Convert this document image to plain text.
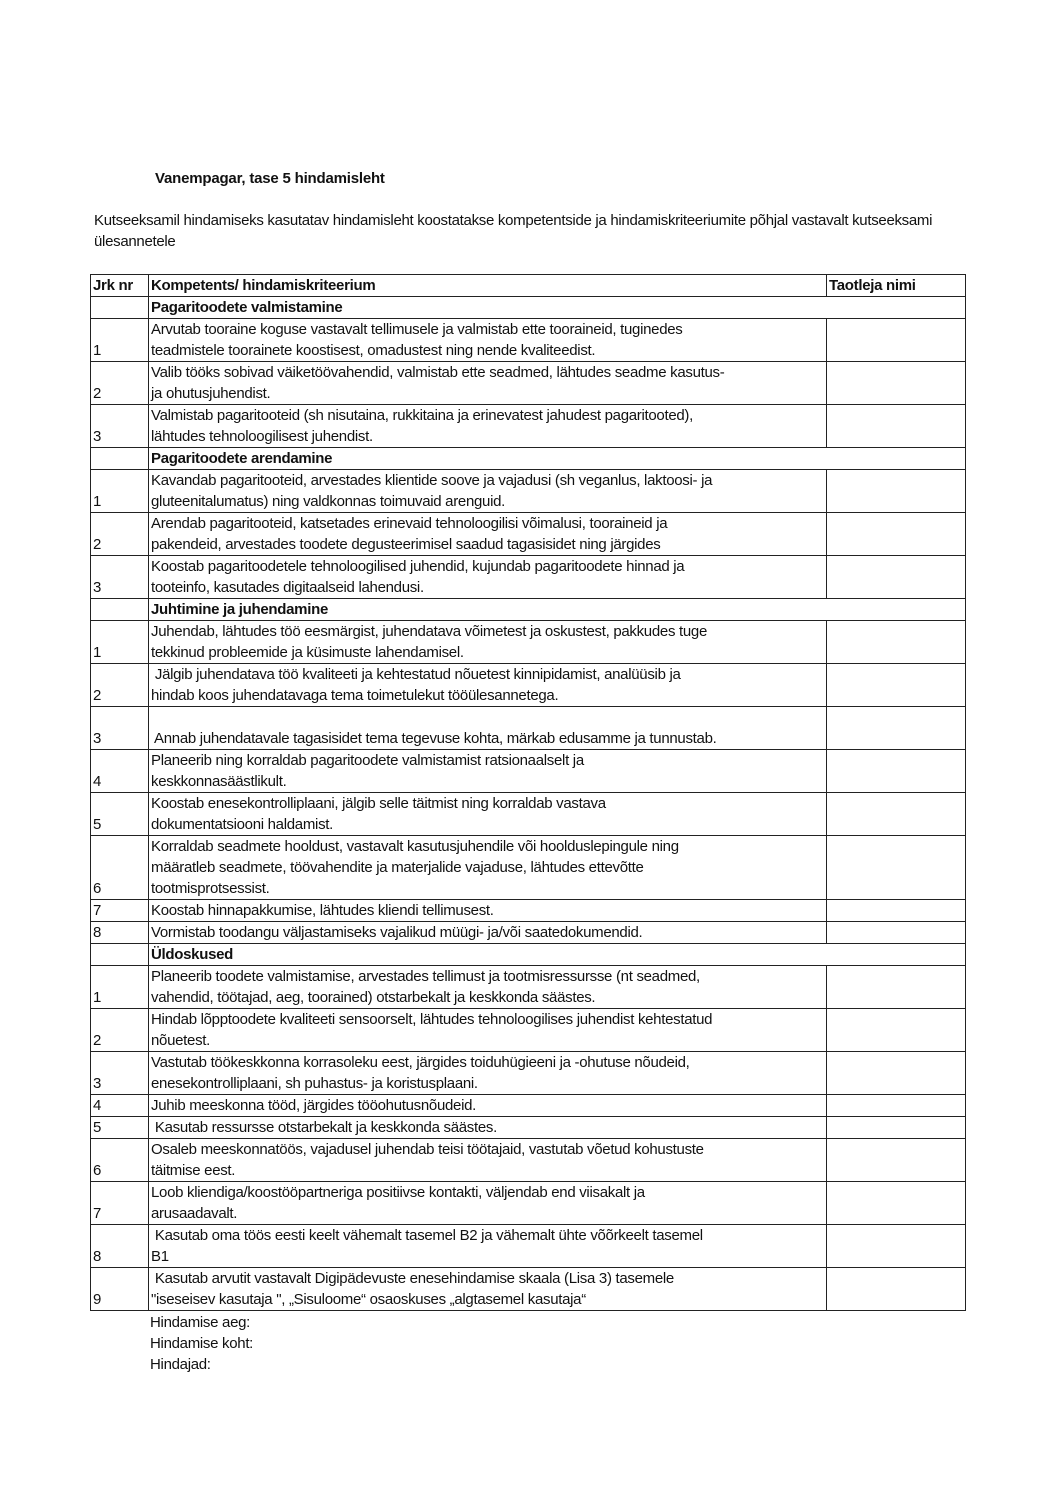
Vanempagar, tase 5 hindamisleht
Kutseeksamil hindamiseks kasutatav hindamisleht koostatakse kompetentside ja hindamiskriteeriumite põhjal vastavalt kutseeksami ülesannetele
Jrk nr	Kompetents/ hindamiskriteerium	Taotleja nimi
	Pagaritoodete valmistamine	
1	Arvutab tooraine koguse vastavalt tellimusele ja valmistab ette tooraineid, tuginedes
teadmistele toorainete koostisest, omadustest ning nende kvaliteedist.	

2	Valib tööks sobivad väiketöövahendid, valmistab ette seadmed, lähtudes seadme kasutus-
ja ohutusjuhendist.	

3	Valmistab pagaritooteid (sh nisutaina, rukkitaina ja erinevatest jahudest pagaritooted),
lähtudes tehnoloogilisest juhendist.	

	Pagaritoodete arendamine	
1	Kavandab pagaritooteid, arvestades klientide soove ja vajadusi (sh veganlus, laktoosi- ja
gluteenitalumatus) ning valdkonnas toimuvaid arenguid.	

2	Arendab pagaritooteid, katsetades erinevaid tehnoloogilisi võimalusi, tooraineid ja
pakendeid, arvestades toodete degusteerimisel saadud tagasisidet ning järgides	

3	Koostab pagaritoodetele tehnoloogilised juhendid, kujundab pagaritoodete hinnad ja
tooteinfo, kasutades digitaalseid lahendusi.	

	Juhtimine ja juhendamine	
1	Juhendab, lähtudes töö eesmärgist, juhendatava võimetest ja oskustest, pakkudes tuge
tekkinud probleemide ja küsimuste lahendamisel.	

2	Jälgib juhendatava töö kvaliteeti ja kehtestatud nõuetest kinnipidamist, analüüsib ja
hindab koos juhendatavaga tema toimetulekut tööülesannetega.	

3	Annab juhendatavale tagasisidet tema tegevuse kohta, märkab edusamme ja tunnustab.	

4	Planeerib ning korraldab pagaritoodete valmistamist ratsionaalselt ja
keskkonnasäästlikult.	

5	Koostab enesekontrolliplaani, jälgib selle täitmist ning korraldab vastava
dokumentatsiooni haldamist.	

6	Korraldab seadmete hooldust, vastavalt kasutusjuhendile või hoolduslepingule ning
määratleb seadmete, töövahendite ja materjalide vajaduse, lähtudes ettevõtte
tootmisprotsessist.	

7	Koostab hinnapakkumise, lähtudes kliendi tellimusest.	

8	Vormistab toodangu väljastamiseks vajalikud müügi- ja/või saatedokumendid.	

	Üldoskused	
1	Planeerib toodete valmistamise, arvestades tellimust ja tootmisressursse (nt seadmed,
vahendid, töötajad, aeg, toorained) otstarbekalt ja keskkonda säästes.	

2	Hindab lõpptoodete kvaliteeti sensoorselt, lähtudes tehnoloogilises juhendist kehtestatud
nõuetest.	

3	Vastutab töökeskkonna korrasoleku eest, järgides toiduhügieeni ja -ohutuse nõudeid,
enesekontrolliplaani, sh puhastus- ja koristusplaani.	

4	Juhib meeskonna tööd, järgides tööohutusnõudeid.	

5	Kasutab ressursse otstarbekalt ja keskkonda säästes.	

6	Osaleb meeskonnatöös, vajadusel juhendab teisi töötajaid, vastutab võetud kohustuste
täitmise eest.	

7	Loob kliendiga/koostööpartneriga positiivse kontakti, väljendab end viisakalt ja
arusaadavalt.	

8	Kasutab oma töös eesti keelt vähemalt tasemel B2 ja vähemalt ühte võõrkeelt tasemel
B1	

9	Kasutab arvutit vastavalt Digipädevuste enesehindamise skaala (Lisa 3) tasemele
"iseseisev kasutaja ", „Sisuloome“ osaoskuses „algtasemel kasutaja“	

Hindamise aeg:
Hindamise koht:
Hindajad:
